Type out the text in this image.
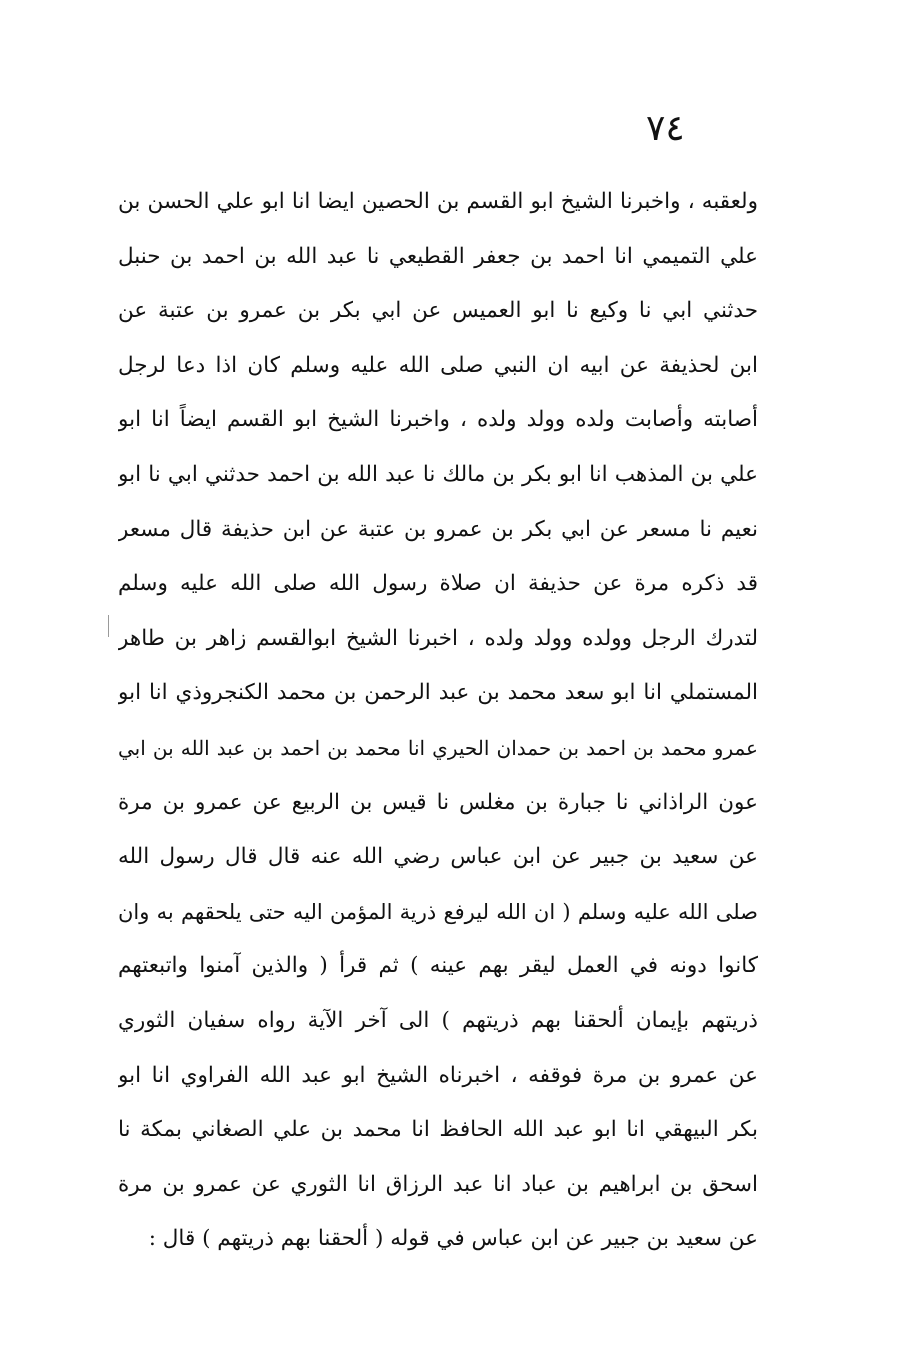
٧٤
ولعقبه ، واخبرنا الشيخ ابو القسم بن الحصين ايضا انا ابو علي الحسن بن
علي التميمي انا احمد بن جعفر القطيعي نا عبد الله بن احمد بن حنبل
حدثني ابي نا وكيع نا ابو العميس عن ابي بكر بن عمرو بن عتبة عن
ابن لحذيفة عن ابيه ان النبي صلى الله عليه وسلم كان اذا دعا لرجل
أصابته وأصابت ولده وولد ولده ، واخبرنا الشيخ ابو القسم ايضاً انا ابو
علي بن المذهب انا ابو بكر بن مالك نا عبد الله بن احمد حدثني ابي نا ابو
نعيم نا مسعر عن ابي بكر بن عمرو بن عتبة عن ابن حذيفة قال مسعر
قد ذكره مرة عن حذيفة ان صلاة رسول الله صلى الله عليه وسلم
لتدرك الرجل وولده وولد ولده ، اخبرنا الشيخ ابوالقسم زاهر بن طاهر
المستملي انا ابو سعد محمد بن عبد الرحمن بن محمد الكنجروذي انا ابو
عمرو محمد بن احمد بن حمدان الحيري انا محمد بن احمد بن عبد الله بن ابي
عون الراذاني نا جبارة بن مغلس نا قيس بن الربيع عن عمرو بن مرة
عن سعيد بن جبير عن ابن عباس رضي الله عنه قال قال رسول الله
صلى الله عليه وسلم ( ان الله ليرفع ذرية المؤمن اليه حتى يلحقهم به وان
كانوا دونه في العمل ليقر بهم عينه ) ثم قرأ ( والذين آمنوا واتبعتهم
ذريتهم بإيمان ألحقنا بهم ذريتهم ) الى آخر الآية رواه سفيان الثوري
عن عمرو بن مرة فوقفه ، اخبرناه الشيخ ابو عبد الله الفراوي انا ابو
بكر البيهقي انا ابو عبد الله الحافظ انا محمد بن علي الصغاني بمكة نا
اسحق بن ابراهيم بن عباد انا عبد الرزاق انا الثوري عن عمرو بن مرة
عن سعيد بن جبير عن ابن عباس في قوله ( ألحقنا بهم ذريتهم ) قال :
